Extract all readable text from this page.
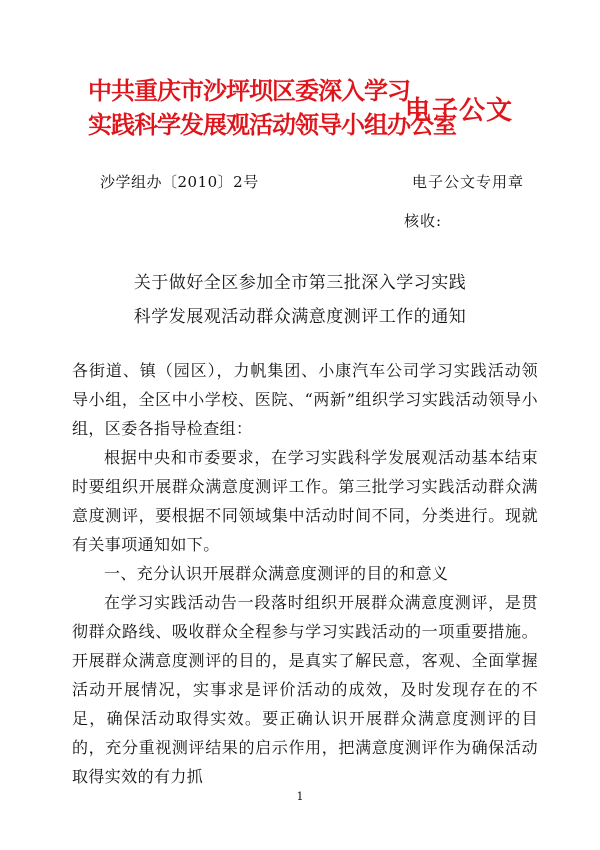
中共重庆市沙坪坝区委深入学习
实践科学发展观活动领导小组办公室
电子公文
沙学组办〔2010〕2号	电子公文专用章
核收:
关于做好全区参加全市第三批深入学习实践
科学发展观活动群众满意度测评工作的通知

各街道、镇（园区），力帆集团、小康汽车公司学习实践活动领导小组，全区中小学校、医院、“两新”组织学习实践活动领导小组，区委各指导检查组：

根据中央和市委要求，在学习实践科学发展观活动基本结束时要组织开展群众满意度测评工作。第三批学习实践活动群众满意度测评，要根据不同领域集中活动时间不同，分类进行。现就有关事项通知如下。

一、充分认识开展群众满意度测评的目的和意义

在学习实践活动告一段落时组织开展群众满意度测评，是贯彻群众路线、吸收群众全程参与学习实践活动的一项重要措施。开展群众满意度测评的目的，是真实了解民意，客观、全面掌握活动开展情况，实事求是评价活动的成效，及时发现存在的不足，确保活动取得实效。要正确认识开展群众满意度测评的目的，充分重视测评结果的启示作用，把满意度测评作为确保活动取得实效的有力抓

1
